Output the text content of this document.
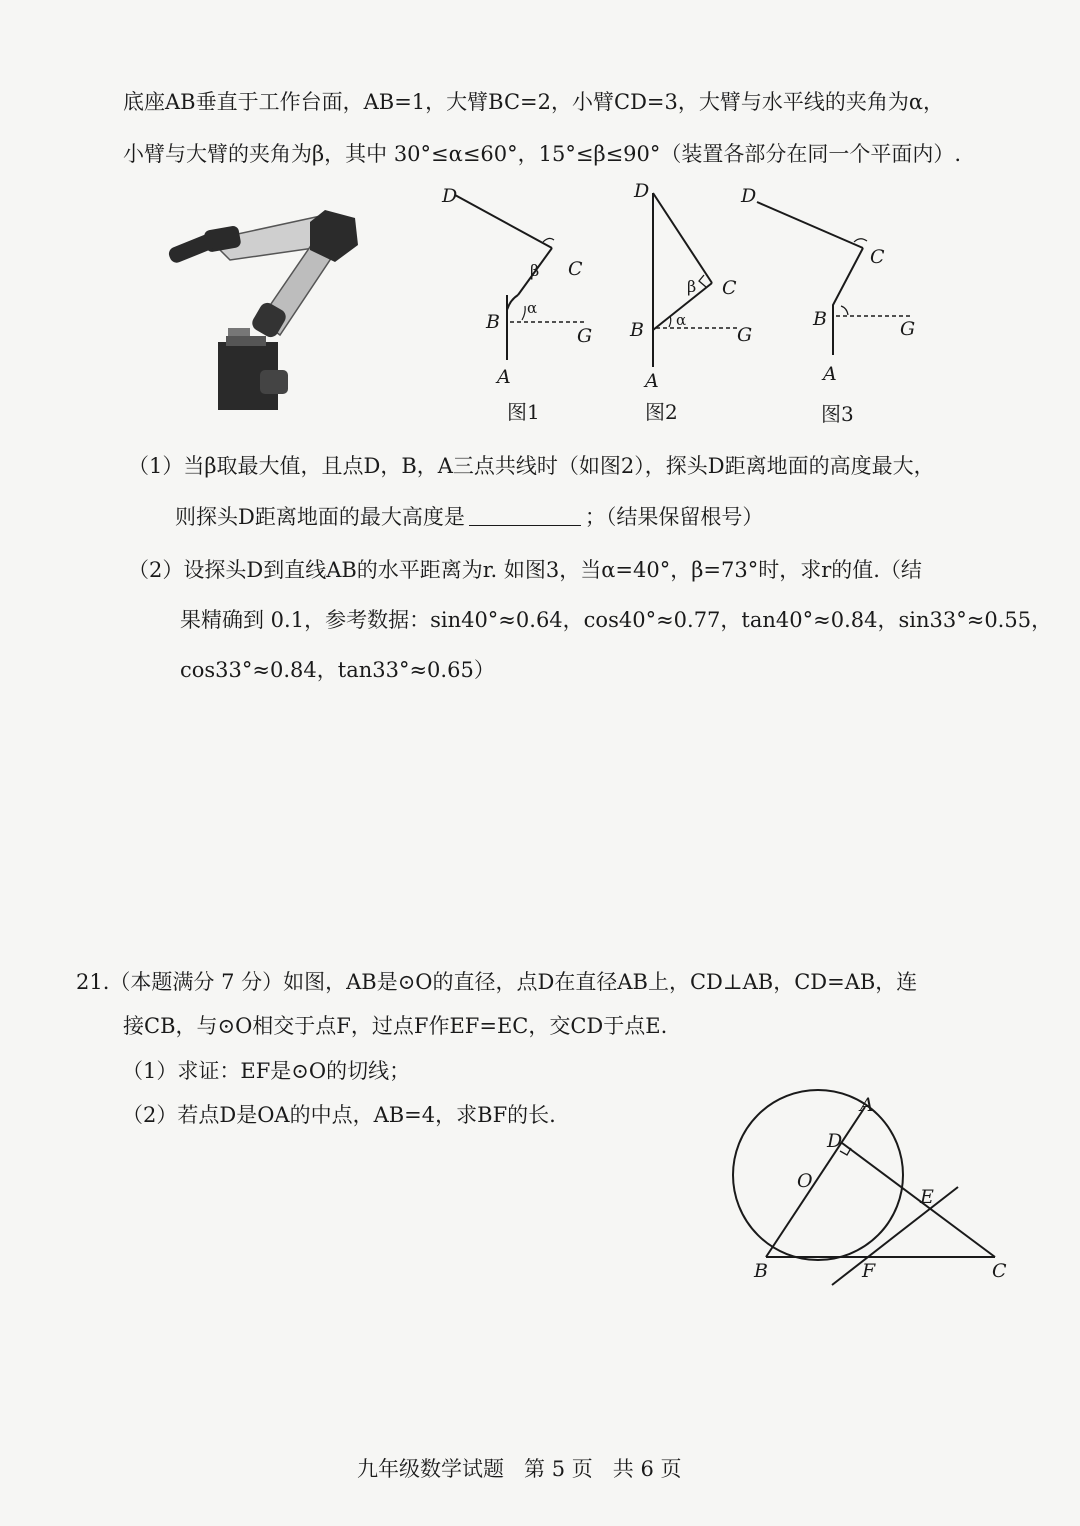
底座AB垂直于工作台面，AB=1，大臂BC=2，小臂CD=3，大臂与水平线的夹角为α，
小臂与大臂的夹角为β，其中 30°≤α≤60°，15°≤β≤90°（装置各部分在同一个平面内）.
D
C
β
α
B
G
A
图1
D
C
β
α
B	G
A
图2
D
C
B	G
A
图3
（1）当β取最大值，且点D，B，A三点共线时（如图2），探头D距离地面的高度最大，
则探头D距离地面的最大高度是	；（结果保留根号）
（2）设探头D到直线AB的水平距离为r. 如图3，当α=40°，β=73°时，求r的值.（结
果精确到 0.1，参考数据：sin40°≈0.64，cos40°≈0.77，tan40°≈0.84，sin33°≈0.55，
cos33°≈0.84，tan33°≈0.65）
21.（本题满分 7 分）如图，AB是⊙O的直径，点D在直径AB上，CD⊥AB，CD=AB，连
接CB，与⊙O相交于点F，过点F作EF=EC，交CD于点E.
（1）求证：EF是⊙O的切线；
（2）若点D是OA的中点，AB=4，求BF的长.	A
D
O
E
B	F	C
九年级数学试题   第 5 页   共 6 页
